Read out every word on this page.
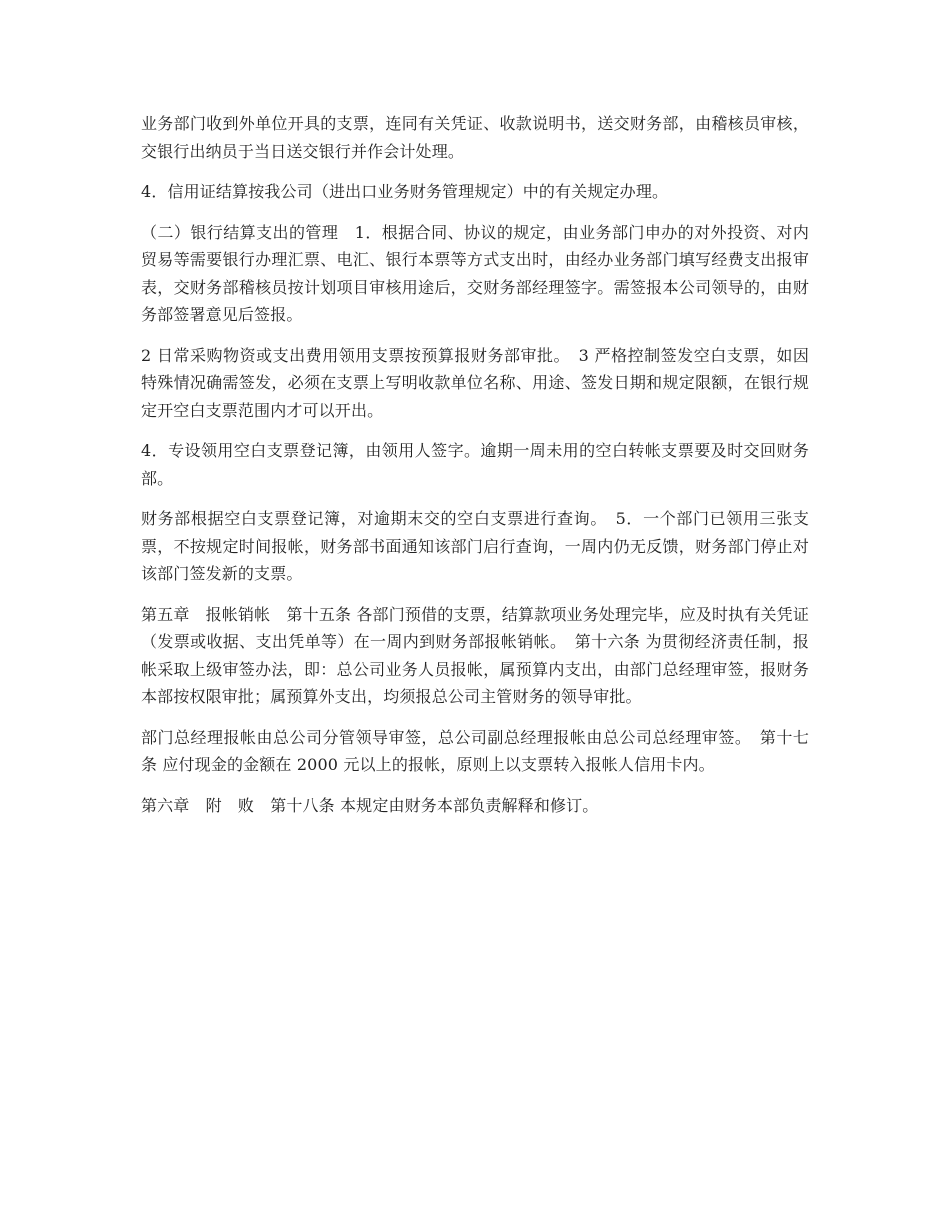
业务部门收到外单位开具的支票，连同有关凭证、收款说明书，送交财务部，由稽核员审核，交银行出纳员于当日送交银行并作会计处理。

4．信用证结算按我公司（进出口业务财务管理规定）中的有关规定办理。

（二）银行结算支出的管理　1．根据合同、协议的规定，由业务部门申办的对外投资、对内贸易等需要银行办理汇票、电汇、银行本票等方式支出时，由经办业务部门填写经费支出报审表，交财务部稽核员按计划项目审核用途后，交财务部经理签字。需签报本公司领导的，由财务部签署意见后签报。

2 日常采购物资或支出费用领用支票按预算报财务部审批。　3 严格控制签发空白支票，如因特殊情况确需签发，必须在支票上写明收款单位名称、用途、签发日期和规定限额，在银行规定开空白支票范围内才可以开出。

4．专设领用空白支票登记簿，由领用人签字。逾期一周未用的空白转帐支票要及时交回财务部。

财务部根据空白支票登记簿，对逾期末交的空白支票进行查询。　5．一个部门已领用三张支票，不按规定时间报帐，财务部书面通知该部门启行查询，一周内仍无反馈，财务部门停止对该部门签发新的支票。

第五章　报帐销帐　第十五条 各部门预借的支票，结算款项业务处理完毕，应及时执有关凭证（发票或收据、支出凭单等）在一周内到财务部报帐销帐。　第十六条 为贯彻经济责任制，报帐采取上级审签办法，即：总公司业务人员报帐，属预算内支出，由部门总经理审签，报财务本部按权限审批；属预算外支出，均须报总公司主管财务的领导审批。

部门总经理报帐由总公司分管领导审签，总公司副总经理报帐由总公司总经理审签。　第十七条 应付现金的金额在 2000 元以上的报帐，原则上以支票转入报帐人信用卡内。

第六章　附　败　第十八条 本规定由财务本部负责解释和修订。
